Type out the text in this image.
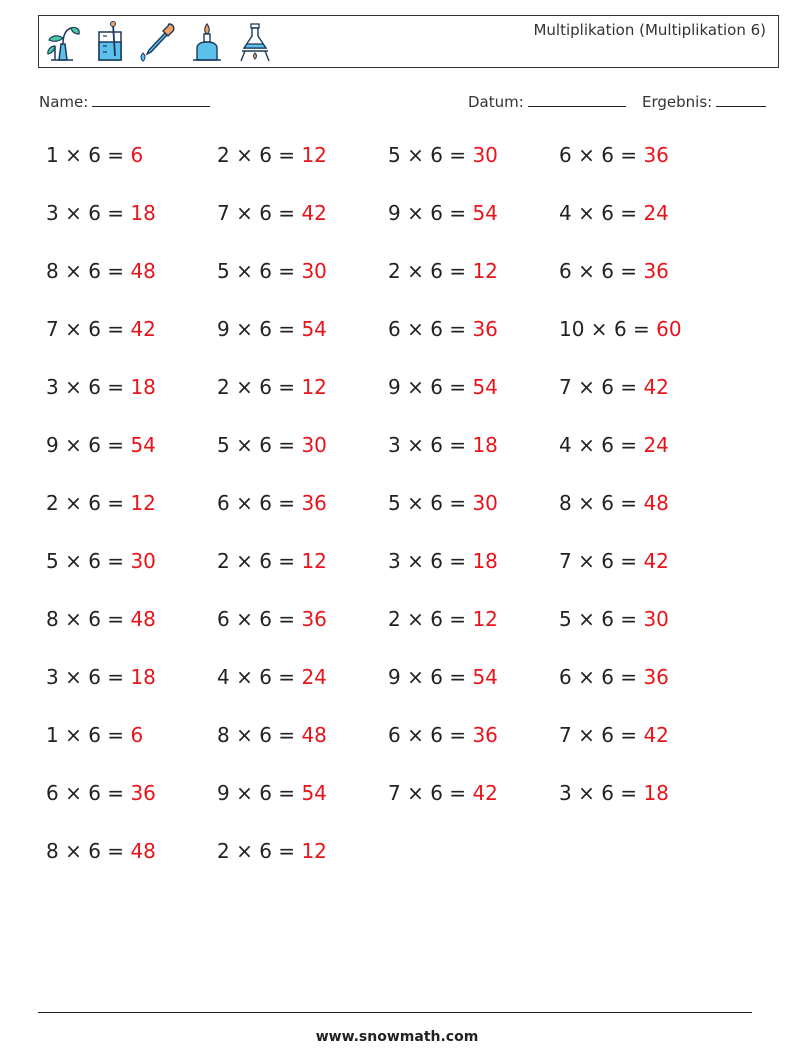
Multiplikation (Multiplikation 6)
Name:	Datum:	Ergebnis:
1 × 6 = 6	2 × 6 = 12	5 × 6 = 30	6 × 6 = 36
3 × 6 = 18	7 × 6 = 42	9 × 6 = 54	4 × 6 = 24
8 × 6 = 48	5 × 6 = 30	2 × 6 = 12	6 × 6 = 36
7 × 6 = 42	9 × 6 = 54	6 × 6 = 36	10 × 6 = 60
3 × 6 = 18	2 × 6 = 12	9 × 6 = 54	7 × 6 = 42
9 × 6 = 54	5 × 6 = 30	3 × 6 = 18	4 × 6 = 24
2 × 6 = 12	6 × 6 = 36	5 × 6 = 30	8 × 6 = 48
5 × 6 = 30	2 × 6 = 12	3 × 6 = 18	7 × 6 = 42
8 × 6 = 48	6 × 6 = 36	2 × 6 = 12	5 × 6 = 30
3 × 6 = 18	4 × 6 = 24	9 × 6 = 54	6 × 6 = 36
1 × 6 = 6	8 × 6 = 48	6 × 6 = 36	7 × 6 = 42
6 × 6 = 36	9 × 6 = 54	7 × 6 = 42	3 × 6 = 18
8 × 6 = 48	2 × 6 = 12
www.snowmath.com
